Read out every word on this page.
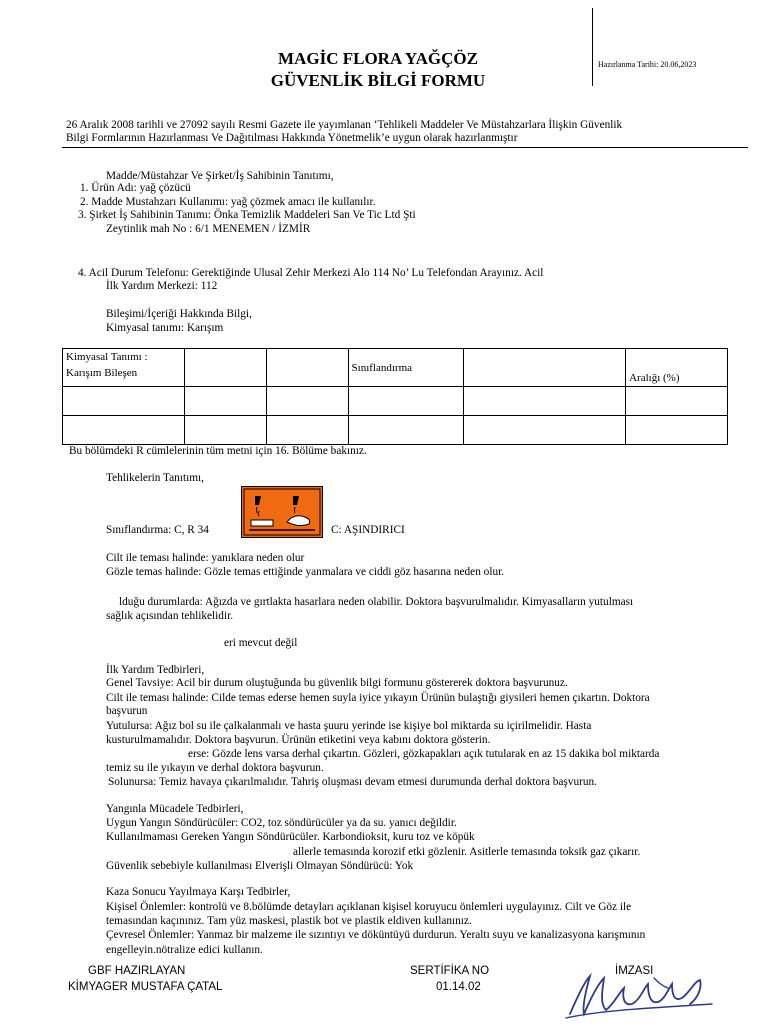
MAGİC FLORA YAĞÇÖZ
GÜVENLİK BİLGİ FORMU
Hazırlanma Tarihi: 20.06,2023
26 Aralık 2008 tarihli ve 27092 sayılı Resmi Gazete ile yayımlanan ‘Tehlikeli Maddeler Ve Müstahzarlara İlişkin Güvenlik
Bilgi Formlarının Hazırlanması Ve Dağıtılması Hakkında Yönetmelik’e uygun olarak hazırlanmıştır
Madde/Müstahzar Ve Şirket/İş Sahibinin Tanıtımı,
1. Ürün Adı: yağ çözücü
2. Madde Mustahzarı Kullanımı: yağ çözmek amacı ile kullanılır.
3. Şirket İş Sahibinin Tanımı: Önka Temizlik Maddeleri San Ve Tic Ltd Şti
Zeytinlik mah No : 6/1 MENEMEN / İZMİR
4. Acil Durum Telefonu: Gerektiğinde Ulusal Zehir Merkezi Alo 114 No’ Lu Telefondan Arayınız. Acil
İlk Yardım Merkezi: 112
Bileşimi/İçeriği Hakkında Bilgi,
Kimyasal tanımı: Karışım
Kimyasal Tanımı :
Karışım Bileşen			Sınıflandırma		Aralığı (%)

Bu bölümdeki R cümlelerinin tüm metni için 16. Bölüme bakınız.
Tehlikelerin Tanıtımı,
Sınıflandırma: C, R 34	C: AŞINDIRICI
Cilt ile teması halinde: yanıklara neden olur
Gözle temas halinde: Gözle temas ettiğinde yanmalara ve ciddi göz hasarına neden olur.
lduğu durumlarda: Ağızda ve gırtlakta hasarlara neden olabilir. Doktora başvurulmalıdır. Kimyasalların yutulması
sağlık açısından tehlikelidir.
eri mevcut değil
İlk Yardım Tedbirleri,
Genel Tavsiye: Acil bir durum oluştuğunda bu güvenlik bilgi formunu göstererek doktora başvurunuz.
Cilt ile teması halinde: Cilde temas ederse hemen suyla iyice yıkayın Ürünün bulaştığı giysileri hemen çıkartın. Doktora
başvurun
Yutulursa: Ağız bol su ile çalkalanmalı ve hasta şuuru yerinde ise kişiye bol miktarda su içirilmelidir. Hasta
kusturulmamalıdır. Doktora başvurun. Ürünün etiketini veya kabını doktora gösterin.
erse: Gözde lens varsa derhal çıkartın. Gözleri, gözkapakları açık tutularak en az 15 dakika bol miktarda
temiz su ile yıkayın ve derhal doktora başvurun.
Solunursa: Temiz havaya çıkarılmalıdır. Tahriş oluşması devam etmesi durumunda derhal doktora başvurun.
Yangınla Mücadele Tedbirleri,
Uygun Yangın Söndürücüler: CO2, toz söndürücüler ya da su. yanıcı değildir.
Kullanılmaması Gereken Yangın Söndürücüler. Karbondioksit, kuru toz ve köpük
allerle temasında korozif etki gözlenir. Asitlerle temasında toksik gaz çıkarır.
Güvenlik sebebiyle kullanılması Elverişli Olmayan Söndürücü: Yok
Kaza Sonucu Yayılmaya Karşı Tedbirler,
Kişisel Önlemler: kontrolü ve 8.bölümde detayları açıklanan kişisel koruyucu önlemleri uygulayınız. Cilt ve Göz ile
temasından kaçınınız. Tam yüz maskesi, plastik bot ve plastik eldiven kullanınız.
Çevresel Önlemler: Yanmaz bir malzeme ile sızıntıyı ve döküntüyü durdurun. Yeraltı suyu ve kanalizasyona karışmının
engelleyin.nötralize edici kullanın.
GBF HAZIRLAYAN
KİMYAGER MUSTAFA ÇATAL
SERTİFİKA NO
01.14.02
İMZASI
